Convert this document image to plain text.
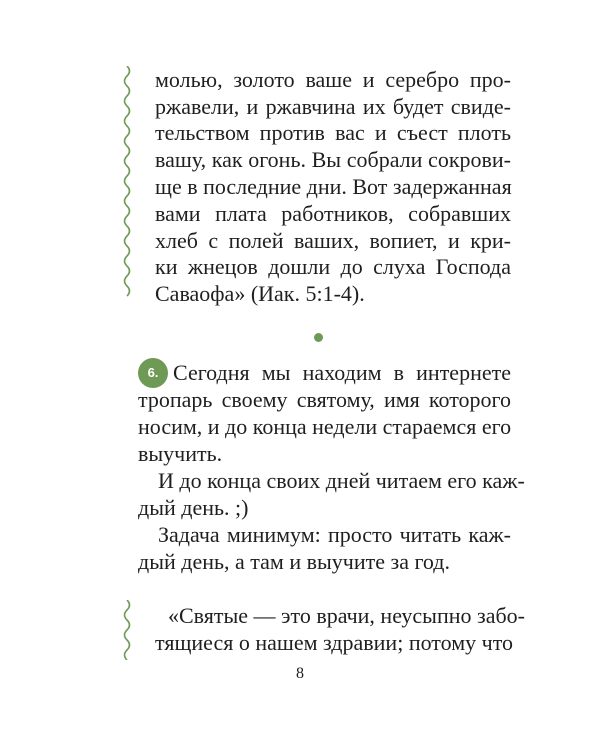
молью, золото ваше и серебро про-
ржавели, и ржавчина их будет свиде-
тельством против вас и съест плоть
вашу, как огонь. Вы собрали сокрови-
ще в последние дни. Вот задержанная
вами плата работников, собравших
хлеб с полей ваших, вопиет, и кри-
ки жнецов дошли до слуха Господа
Саваофа» (Иак. 5:1-4).
6. Сегодня мы находим в интернете
тропарь своему святому, имя которого
носим, и до конца недели стараемся его
выучить.
И до конца своих дней читаем его каж-
дый день. ;)
Задача минимум: просто читать каж-
дый день, а там и выучите за год.
«Святые — это врачи, неусыпно забо-
тящиеся о нашем здравии; потому что
8
